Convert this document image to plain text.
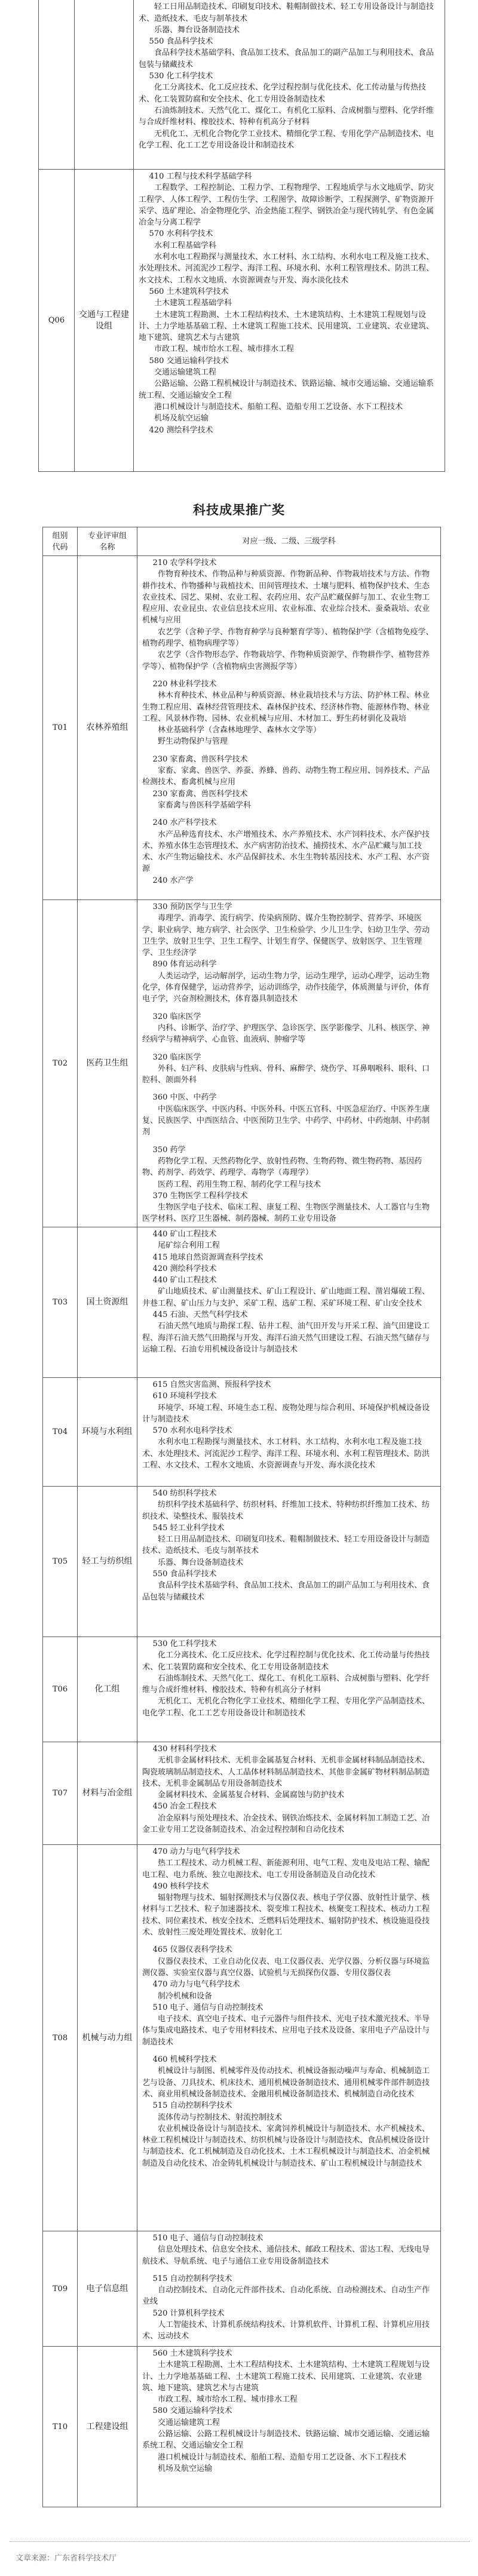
轻工日用品制造技术、印刷复印技术、鞋帽制做技术、轻工专用设备设计与制造技术、造纸技术、毛皮与制革技术

乐器、舞台设备制造技术

550 食品科学技术

食品科学技术基础学科、食品加工技术、食品加工的副产品加工与利用技术、食品包装与储藏技术

530 化工科学技术

化工分离技术、化工反应技术、化学过程控制与优化技术、化工传动量与传热技术、化工装置防腐和安全技术、化工专用设备制造技术

石油炼制技术、天然气化工、煤化工、有机化工原料、合成树脂与塑料、化学纤维与合成纤维材料、橡胶技术、特种有机高分子材料

无机化工、无机化合物化学工业技术、精细化学工程、专用化学产品制造技术、电化学工程、化工工艺专用设备设计和制造技术

Q06	交通与工程建设组	

410 工程与技术科学基础学科

工程数学、工程控制论、工程力学、工程物理学、工程地质学与水文地质学、防灾工程学、人体工程学、工程仿生学、工程图学、故障诊断学、工程探测学、矿物资源开采学、选矿理论、冶金物理化学、冶金热能工程学、钢铁冶金与现代铸轧学、有色金属冶金与分离工程学

570 水利科学技术

水利工程基础学科

水利水电工程勘探与测量技术、水工材料、水工结构、水利水电工程及施工技术、水处理技术、河流泥沙工程学、海洋工程、环境水利、水利工程管理技术、防洪工程、水文技术、工程水文地质、水资源调查与开发、海水淡化技术

560 土木建筑科学技术

土木建筑工程基础学科

土木建筑工程勘测、土木工程结构技术、土木建筑结构、土木建筑工程规划与设计、土力学地基基础工程、土木建筑工程施工技术、民用建筑、工业建筑、农业建筑、地下建筑、建筑艺术与古建筑

市政工程、城市给水工程、城市排水工程

580 交通运输科学技术

交通运输建筑工程

公路运输、公路工程机械设计与制造技术、铁路运输、城市交通运输、交通运输系统工程、交通运输安全工程

港口机械设计与制造技术、船舶工程、造船专用工艺设备、水下工程技术

机场及航空运输

420 测绘科学技术

科技成果推广奖
组别代码	专业评审组名称	对应一级、二级、三级学科
T01	农林养殖组	

210 农学科学技术

作物育种技术、作物品种与种质资源、作物新品种、作物栽培技术与方法、作物耕作技术、作物播种与栽植技术、田间管理技术、土壤与肥料、植物保护技术、生态农业技术、园艺、果树、农业工程、农药应用、农产品贮藏保鲜与加工、农业生物工程应用、农业昆虫、农业信息技术应用、农业标准、农业综合技术、蚕桑栽培、农业机械与应用

农艺学（含种子学、作物育种学与良种繁育学等）、植物保护学（含植物免疫学、植物药理学、植物病理学等）

农艺学（含作物形态学、作物栽培学、作物种质资源学、作物耕作学、植物营养学等）、植物保护学（含植物病虫害测报学等）

220 林业科学技术

林木育种技术、林业品种与种质资源、林业栽培技术与方法、防护林工程、林业生物工程应用、森林经营管理技术、森林保护技术、经济林作物、能源林作物、林业工程、风景林作物、园林、农业机械与应用、木材加工、野生药材驯化及栽培

林业基础科学（含森林地理学、森林水文学等）

野生动物保护与管理

230 家畜禽、兽医科学技术

家畜、家禽、兽医学、养蚕、养蜂、兽药、动物生物工程应用、饲养技术、产品检测技术、畜禽机械与应用

230 家畜禽、兽医科学技术

家畜禽与兽医科学基础学科

240 水产科学技术

水产品种选育技术、水产增殖技术、水产养殖技术、水产饲料技术、水产保护技术、养殖水体生态管理技术、水产病害防治技术、捕捞技术、水产品贮藏与加工技术、水产生物运输技术、水产品保鲜技术、水生生物转基因技术、水产工程、水产资源

240 水产学

T02	医药卫生组	

330 预防医学与卫生学

毒理学、消毒学、流行病学、传染病预防、媒介生物控制学、营养学、环境医学、职业病学、地方病学、社会医学、卫生检验学、少儿卫生学、妇幼卫生学、劳动卫生学、放射卫生学、卫生工程学、计划生育学、保健医学、放射医学、卫生管理学、卫生经济学

890 体育运动科学

人类运动学，运动解剖学，运动生物力学，运动生理学，运动心理学，运动生物化学，体育保健学，运动营养学，运动训练学，动作技能学，体质测量与评价，体育电子学，兴奋剂检测技术，体育器具制造技术

320 临床医学

内科、诊断学、治疗学、护理医学、急诊医学、医学影像学、儿科、核医学、神经病学与精神病学、心血管、血液病、肿瘤学等

320 临床医学

外科、妇产科、皮肤病与性病、骨科、麻醉学、烧伤学、耳鼻咽喉科、眼科、口腔科、颌面外科

360 中医、中药学

中医临床医学、中医内科、中医外科、中医五官科、中医急症治疗、中医养生康复、民族医学、中西医结合、中医预防卫生学、中药学、中药材、中药炮制、中药制剂

350 药学

药物化学工程、天然药物化学、放射性药物、生物药物、微生物药物、基因药物、药剂学、药效学、药理学、毒物学（毒理学）

医药工程、药用生物工程、制药化学工程与技术

370 生物医学工程科学技术

生物医学电子技术、临床工程、康复工程、生物医学测量技术、人工器官与生物医学材料、医疗卫生器械、制药器械、制药工业专用设备

T03	国土资源组	

440 矿山工程技术

尾矿综合利用工程

415 地球自然资源调查科学技术

420 测绘科学技术

440 矿山工程技术

矿山地质技术、矿山测量技术、矿山工程设计、矿山地面工程、凿岩爆破工程、井巷工程、矿山压力与支护、采矿工程、选矿工程、采矿环境工程、矿山安全技术

445 石油、天然气科学技术

石油天然气地质与勘探工程、钻井工程、油气田开发与开采工程、油气田建设工程、海洋石油天然气田勘探与开发、海洋石油天然气田建设工程、石油天然气储存与运输工程、石油专用机械设备设计与制造技术

T04	环境与水利组	615 自然灾害监测、预报科学技术

610 环境科学技术

环境学、环境工程、环境生态工程、废物处理与综合利用、环境保护机械设备设计与制造技术

570 水利水电科学技术

水利水电工程勘探与测量技术、水工材料、水工结构、水利水电工程及施工技术、水处理技术、河流泥沙工程学、海洋工程、环境水利、水利工程管理技术、防洪工程、水文技术、工程水文地质、水资源调查与开发、海水淡化技术

T05	轻工与纺织组	

540 纺织科学技术

纺织科学技术基础科学、纺织材料、纤维加工技术、特种纺织纤维加工技术、纺织技术、染整技术、服装技术

545 轻工业科学技术

轻工日用品制造技术、印刷复印技术、鞋帽制做技术、轻工专用设备设计与制造技术、造纸技术、毛皮与制革技术

乐器、舞台设备制造技术

550 食品科学技术

食品科学技术基础学科、食品加工技术、食品加工的副产品加工与利用技术、食品包装与储藏技术

T06	化工组	530 化工科学技术

化工分离技术、化工反应技术、化学过程控制与优化技术、化工传动量与传热技术、化工装置防腐和安全技术、化工专用设备制造技术

石油炼制技术、天然气化工、煤化工、有机化工原料、合成树脂与塑料、化学纤维与合成纤维材料、橡胶技术、特种有机高分子材料

无机化工、无机化合物化学工业技术、精细化学工程、专用化学产品制造技术、电化学工程、化工工艺专用设备设计和制造技术

T07	材料与冶金组	430 材料科学技术

无机非金属材料技术、无机非金属基复合材料、无机非金属材料制品制造技术、陶瓷玻璃制品制造技术、人工晶体材料制品制造技术、其他非金属矿物材料制品制造技术、无机非金属制品专用设备制造技术

金属材料技术、金属基复合材料、金属腐蚀与防护技术

450 冶金工程技术

冶金原料与预处理技术、冶金技术、钢铁冶炼技术、金属材料加工制造工艺、冶金工业专用工艺设备制造技术、冶金过程控制和自动化技术

T08	机械与动力组	

470 动力与电气科学技术

热工工程技术、动力机械工程、新能源利用、电气工程、发电及电站工程、输配电工程、电力系统、独立电源技术、电工专用设备制造及自动化技术

490 核科学技术

辐射物理与技术、辐射探测技术与仪器仪表、核电子学仪器、放射性计量学、核材料与工艺技术、粒子加速器技术、裂变堆工程技术、核聚变工程技术、核动力工程技术、同位素技术、核安全技术、乏燃料后处理技术、辐射防护技术、核设施退役技术、放射性三废处理处置技术、放射化工

465 仪器仪表科学技术

仪器仪表技术、工业自动化仪表、电工仪器仪表、光学仪器、分析仪器与环境监测仪器、实验室仪器与真空仪器、试验机与无损探伤仪器、专用仪器仪表

470 动力与电气科学技术

制冷机械和设备

510 电子、通信与自动控制技术

电子技术、真空电子技术、电子元器件与组件技术、光电子技术激光技术、半导体与集成电路技术、电子专用材料技术、应用电子技术及设备、家用电子产品设计与制造技术

460 机械科学技术

机械设计与制图、机械零件及传动技术、机械设备振动噪声与寿命、机械制造工艺与设备、刀具技术、机床技术、通用机械设备制造技术、通用机械零件部件制造技术、商业用机械设备制造技术、金融用机械设备制造技术、机械制造自动化技术

515 自动控制科学技术

流体传动与控制技术、射流控制技术

农业机械设备设计与制造技术、家禽饲养机械设计与制造技术、水产机械技术、林业工程机械设计与制造技术、纺织机械与设备设计与制造技术、食品机械设备设计与制造技术、化工机械制造及自动化技术、土木工程机械设计与制造技术、冶金机械制造及自动化技术、冶金铸轧机械设计与制造技术、矿山工程机械设计与制造技术

T09	电子信息组	

510 电子、通信与自动控制技术

信息处理技术、信息安全技术、通信技术、邮政工程技术、雷达工程、无线电导航技术、导航系统、电子与通信工业专用设备制造技术

515 自动控制科学技术

自动控制技术、自动化元件部件技术、自动化系统、自动检测技术、自动生产作业线

520 计算机科学技术

人工智能技术、计算机系统结构技术、计算机软件、计算机工程、计算机应用技术、远动技术

T10	工程建设组	

560 土木建筑科学技术

土木建筑工程勘测、土木工程结构技术、土木建筑结构、土木建筑工程规划与设计、土力学地基基础工程、土木建筑工程施工技术、民用建筑、工业建筑、农业建筑、地下建筑、建筑艺术与古建筑

市政工程、城市给水工程、城市排水工程

580 交通运输科学技术

交通运输建筑工程

公路运输、公路工程机械设计与制造技术、铁路运输、城市交通运输、交通运输系统工程、交通运输安全工程

港口机械设计与制造技术、船舶工程、造船专用工艺设备、水下工程技术

机场及航空运输

文章来源：广东省科学技术厅
